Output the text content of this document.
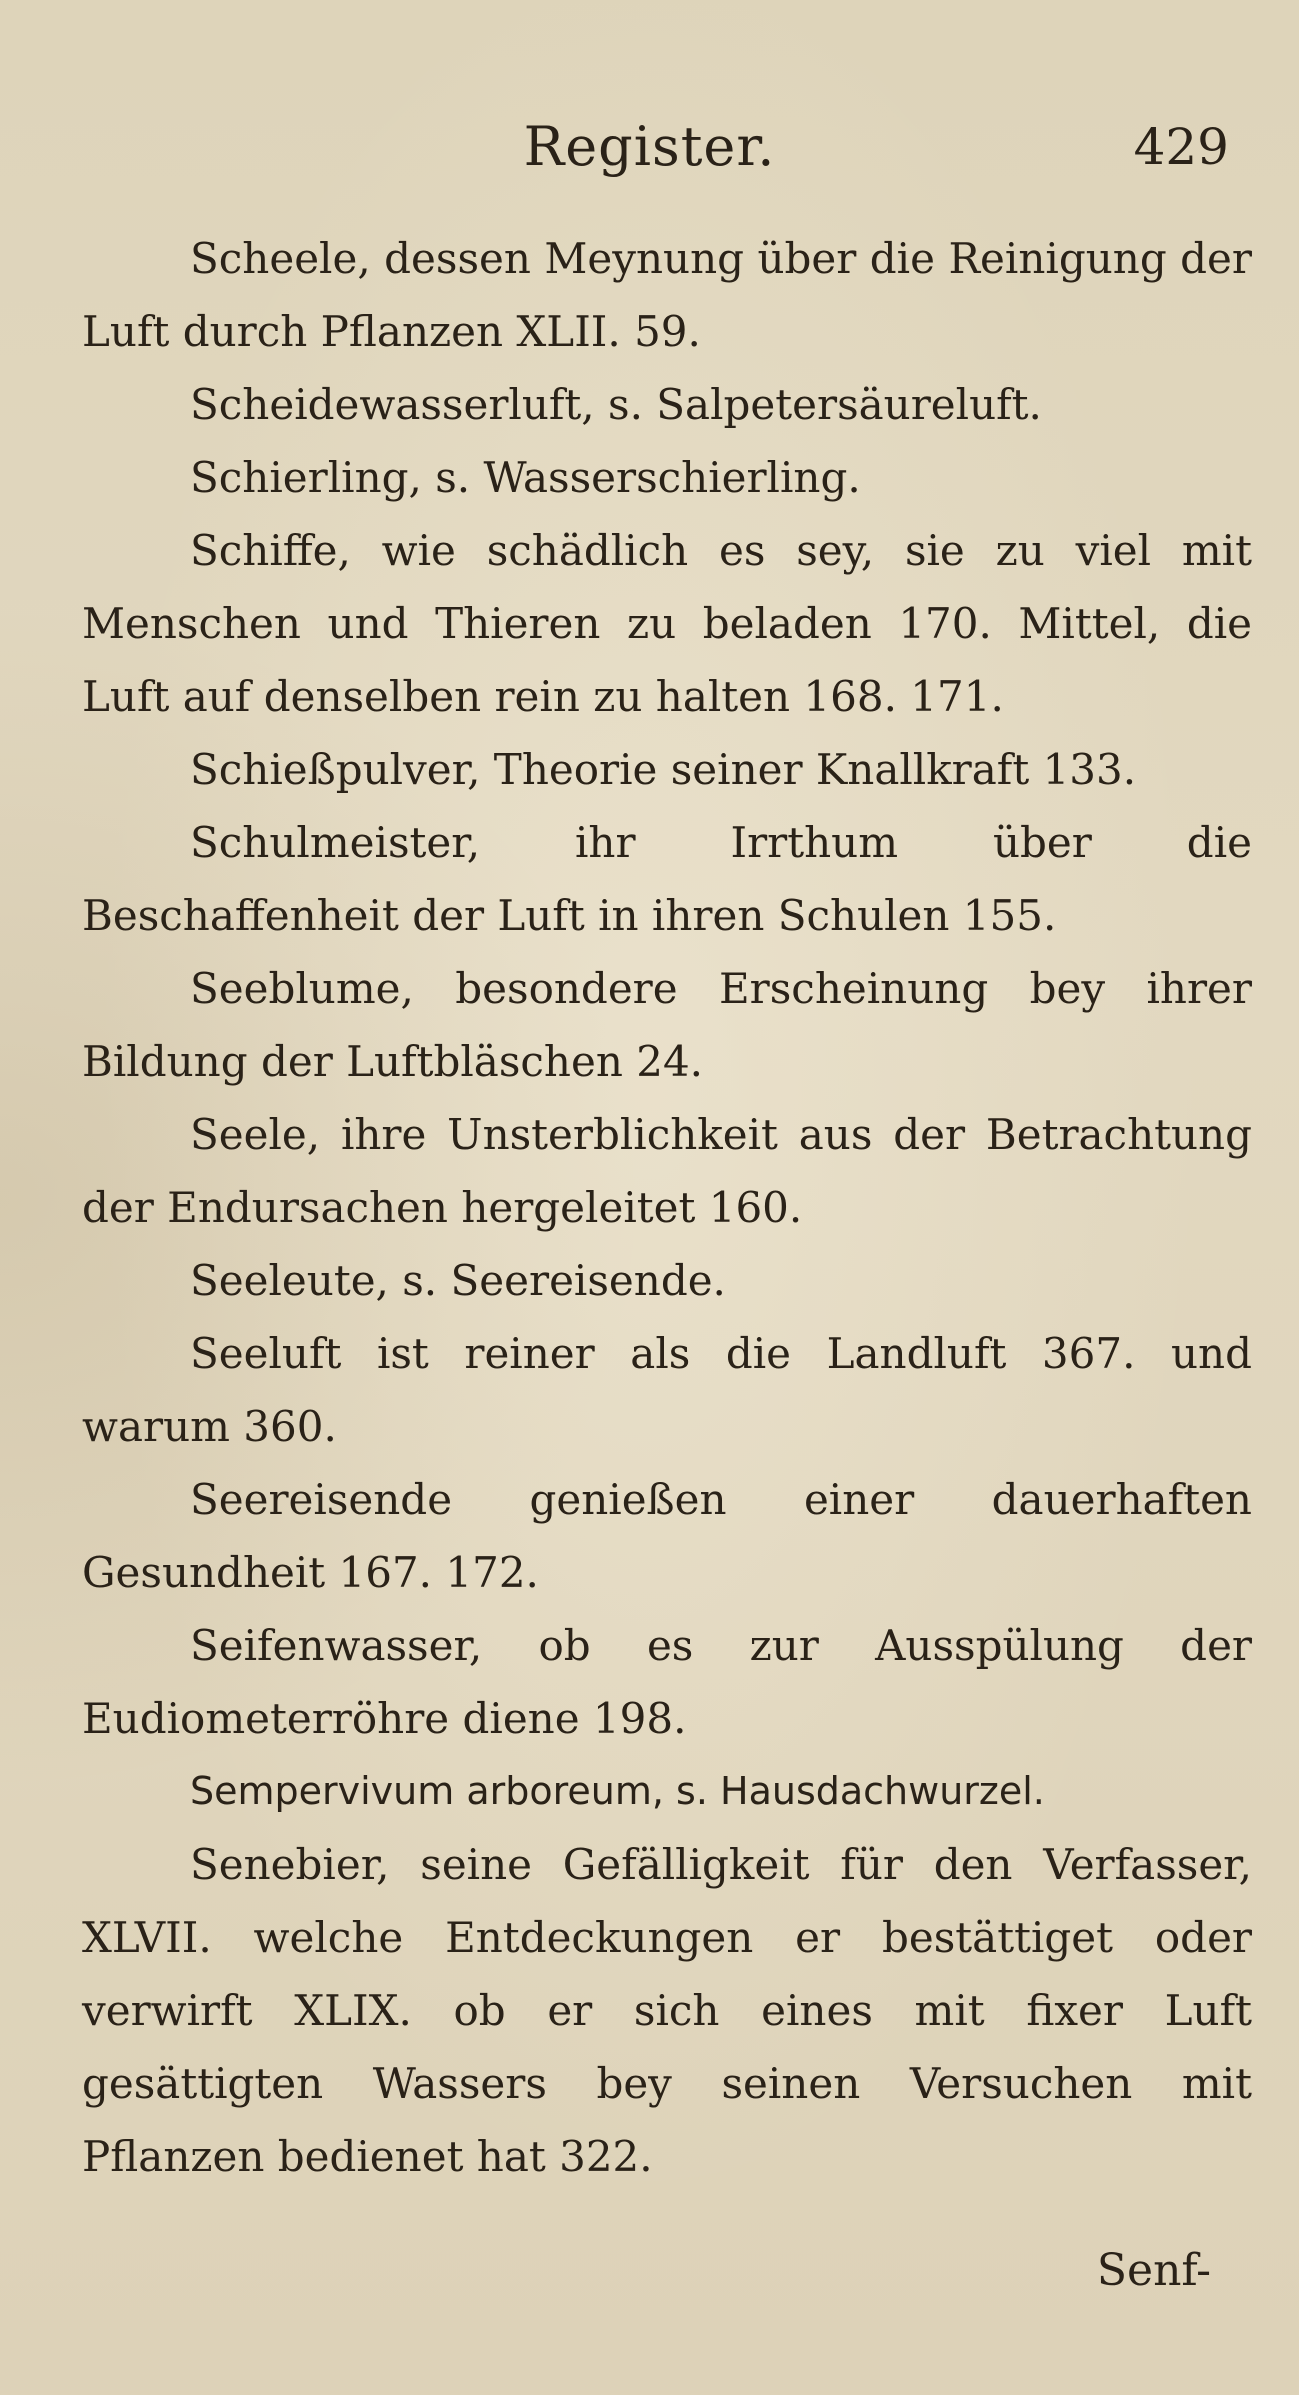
Register.	429

Scheele, dessen Meynung über die Reinigung der Luft durch Pflanzen XLII. 59.

Scheidewasserluft, s. Salpetersäureluft.

Schierling, s. Wasserschierling.

Schiffe, wie schädlich es sey, sie zu viel mit Menschen und Thieren zu beladen 170. Mittel, die Luft auf denselben rein zu halten 168. 171.

Schießpulver, Theorie seiner Knallkraft 133.

Schulmeister, ihr Irrthum über die Beschaffenheit der Luft in ihren Schulen 155.

Seeblume, besondere Erscheinung bey ihrer Bildung der Luftbläschen 24.

Seele, ihre Unsterblichkeit aus der Betrachtung der Endursachen hergeleitet 160.

Seeleute, s. Seereisende.

Seeluft ist reiner als die Landluft 367. und warum 360.

Seereisende genießen einer dauerhaften Gesundheit 167. 172.

Seifenwasser, ob es zur Ausspülung der Eudiometerröhre diene 198.

Sempervivum arboreum, s. Hausdachwurzel.

Senebier, seine Gefälligkeit für den Verfasser, XLVII. welche Entdeckungen er bestättiget oder verwirft XLIX. ob er sich eines mit fixer Luft gesättigten Wassers bey seinen Versuchen mit Pflanzen bedienet hat 322.

Senf-
